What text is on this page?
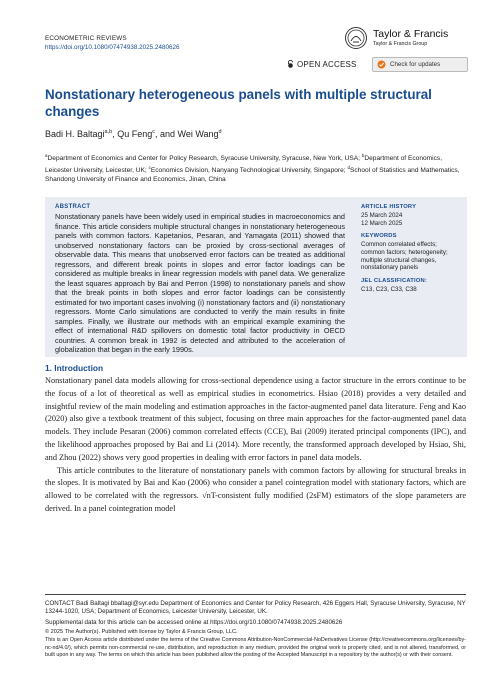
ECONOMETRIC REVIEWS
https://doi.org/10.1080/07474938.2025.2480626
Taylor & Francis
Taylor & Francis Group
OPEN ACCESS	Check for updates
Nonstationary heterogeneous panels with multiple structural changes
Badi H. Baltagi$^{a,b}$, Qu Feng$^c$, and Wei Wang$^d$
$^a$Department of Economics and Center for Policy Research, Syracuse University, Syracuse, New York, USA; $^b$Department of Economics, Leicester University, Leicester, UK; $^c$Economics Division, Nanyang Technological University, Singapore; $^d$School of Statistics and Mathematics, Shandong University of Finance and Economics, Jinan, China
ABSTRACT
Nonstationary panels have been widely used in empirical studies in macroeconomics and finance. This article considers multiple structural changes in nonstationary heterogeneous panels with common factors. Kapetanios, Pesaran, and Yamagata (2011) showed that unobserved nonstationary factors can be proxied by cross-sectional averages of observable data. This means that unobserved error factors can be treated as additional regressors, and different break points in slopes and error factor loadings can be considered as multiple breaks in linear regression models with panel data. We generalize the least squares approach by Bai and Perron (1998) to nonstationary panels and show that the break points in both slopes and error factor loadings can be consistently estimated for two important cases involving (i) nonstationary factors and (ii) nonstationary regressors. Monte Carlo simulations are conducted to verify the main results in finite samples. Finally, we illustrate our methods with an empirical example examining the effect of international R&D spillovers on domestic total factor productivity in OECD countries. A common break in 1992 is detected and attributed to the acceleration of globalization that began in the early 1990s.
ARTICLE HISTORY
25 March 2024
12 March 2025
KEYWORDS
Common correlated effects; common factors; heterogeneity; multiple structural changes, nonstationary panels
JEL CLASSIFICATION:
C13, C23, C33, C38
1. Introduction

Nonstationary panel data models allowing for cross-sectional dependence using a factor structure in the errors continue to be the focus of a lot of theoretical as well as empirical studies in econometrics. Hsiao (2018) provides a very detailed and insightful review of the main modeling and estimation approaches in the factor-augmented panel data literature. Feng and Kao (2020) also give a textbook treatment of this subject, focusing on three main approaches for the factor-augmented panel data models. They include Pesaran (2006) common correlated effects (CCE), Bai (2009) iterated principal components (IPC), and the likelihood approaches proposed by Bai and Li (2014). More recently, the transformed approach developed by Hsiao, Shi, and Zhou (2022) shows very good properties in dealing with error factors in panel data models.

This article contributes to the literature of nonstationary panels with common factors by allowing for structural breaks in the slopes. It is motivated by Bai and Kao (2006) who consider a panel cointegration model with stationary factors, which are allowed to be correlated with the regressors. √nT-consistent fully modified (2sFM) estimators of the slope parameters are derived. In a panel cointegration model

CONTACT Badi Baltagi bbaltagi@syr.edu Department of Economics and Center for Policy Research, 426 Eggers Hall, Syracuse University, Syracuse, NY 13244-1020, USA; Department of Economics, Leicester University, Leicester, UK.
Supplemental data for this article can be accessed online at https://doi.org/10.1080/07474938.2025.2480626
© 2025 The Author(s). Published with license by Taylor & Francis Group, LLC.
This is an Open Access article distributed under the terms of the Creative Commons Attribution-NonCommercial-NoDerivatives License (http://creativecommons.org/licenses/by-nc-nd/4.0/), which permits non-commercial re-use, distribution, and reproduction in any medium, provided the original work is properly cited, and is not altered, transformed, or built upon in any way. The terms on which this article has been published allow the posting of the Accepted Manuscript in a repository by the author(s) or with their consent.
